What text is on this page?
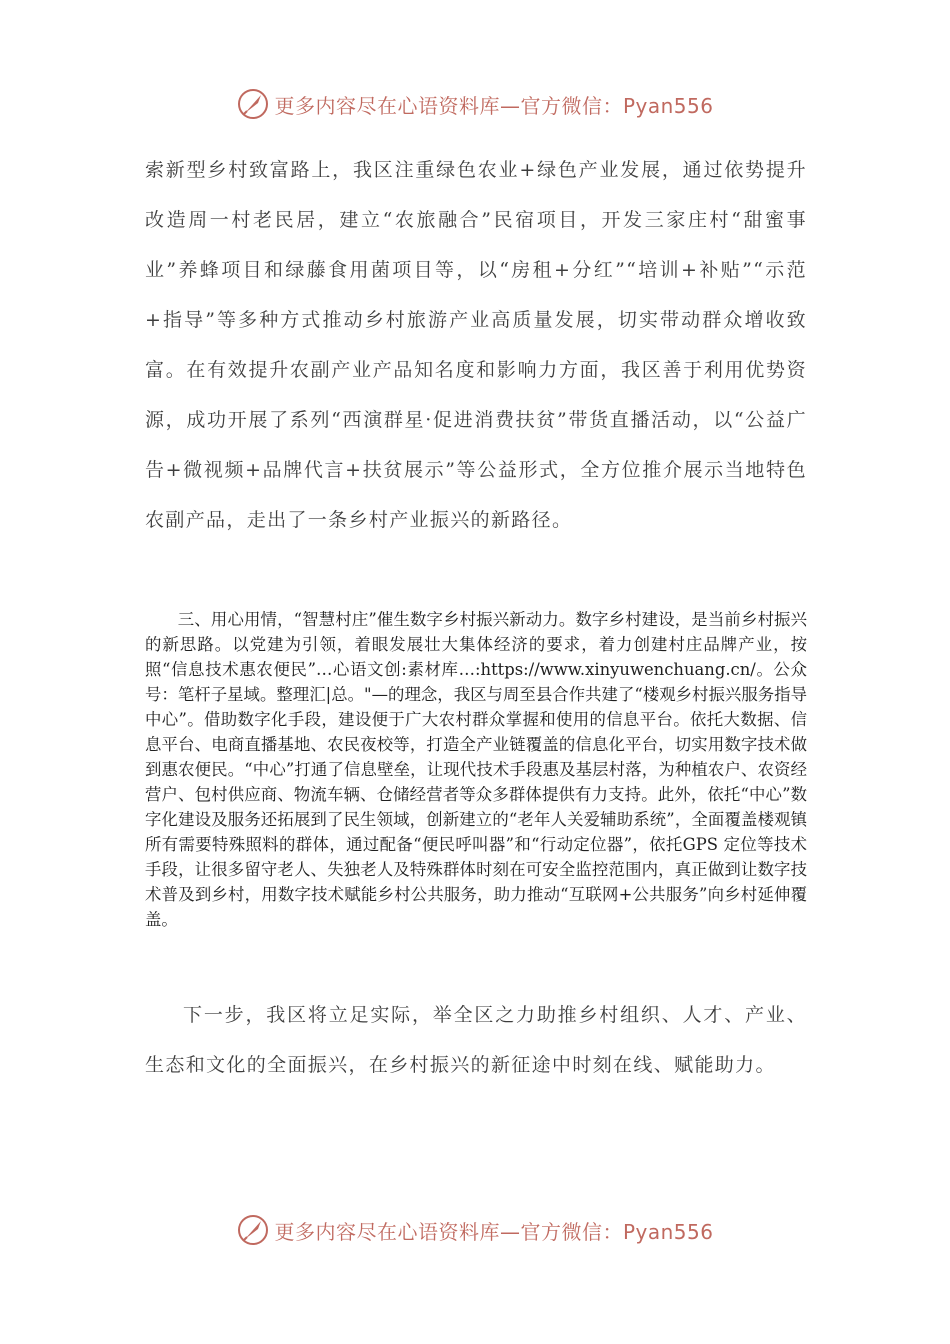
更多内容尽在心语资料库—官方微信：Pyan556

索新型乡村致富路上，我区注重绿色农业+绿色产业发展，通过依势提升改造周一村老民居，建立“农旅融合”民宿项目，开发三家庄村“甜蜜事业”养蜂项目和绿藤食用菌项目等，以“房租+分红”“培训+补贴”“示范+指导”等多种方式推动乡村旅游产业高质量发展，切实带动群众增收致富。在有效提升农副产业产品知名度和影响力方面，我区善于利用优势资源，成功开展了系列“西演群星·促进消费扶贫”带货直播活动，以“公益广告+微视频+品牌代言+扶贫展示”等公益形式，全方位推介展示当地特色农副产品，走出了一条乡村产业振兴的新路径。

三、用心用情，“智慧村庄”催生数字乡村振兴新动力。数字乡村建设，是当前乡村振兴的新思路。以党建为引领，着眼发展壮大集体经济的要求，着力创建村庄品牌产业，按照“信息技术惠农便民”…心语文创:素材库…:https://www.xinyuwenchuang.cn/。公众号：笔杆子星域。整理汇|总。"—的理念，我区与周至县合作共建了“楼观乡村振兴服务指导中心”。借助数字化手段，建设便于广大农村群众掌握和使用的信息平台。依托大数据、信息平台、电商直播基地、农民夜校等，打造全产业链覆盖的信息化平台，切实用数字技术做到惠农便民。“中心”打通了信息壁垒，让现代技术手段惠及基层村落，为种植农户、农资经营户、包村供应商、物流车辆、仓储经营者等众多群体提供有力支持。此外，依托“中心”数字化建设及服务还拓展到了民生领域，创新建立的“老年人关爱辅助系统”，全面覆盖楼观镇所有需要特殊照料的群体，通过配备“便民呼叫器”和“行动定位器”，依托GPS 定位等技术手段，让很多留守老人、失独老人及特殊群体时刻在可安全监控范围内，真正做到让数字技术普及到乡村，用数字技术赋能乡村公共服务，助力推动“互联网+公共服务”向乡村延伸覆盖。

下一步，我区将立足实际，举全区之力助推乡村组织、人才、产业、生态和文化的全面振兴，在乡村振兴的新征途中时刻在线、赋能助力。

更多内容尽在心语资料库—官方微信：Pyan556
